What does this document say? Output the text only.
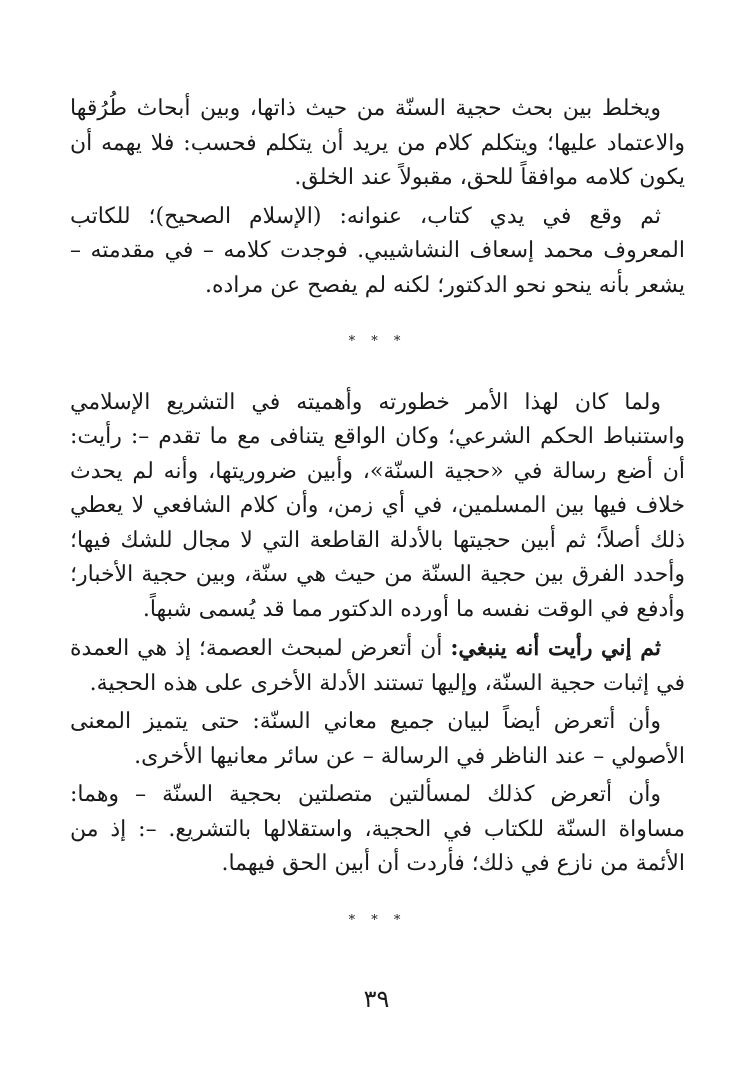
ويخلط بين بحث حجية السنّة من حيث ذاتها، وبين أبحاث طُرُقها والاعتماد عليها؛ ويتكلم كلام من يريد أن يتكلم فحسب: فلا يهمه أن يكون كلامه موافقاً للحق، مقبولاً عند الخلق.

ثم وقع في يدي كتاب، عنوانه: (الإسلام الصحيح)؛ للكاتب المعروف محمد إسعاف النشاشيبي. فوجدت كلامه – في مقدمته – يشعر بأنه ينحو نحو الدكتور؛ لكنه لم يفصح عن مراده.

* * *

ولما كان لهذا الأمر خطورته وأهميته في التشريع الإسلامي واستنباط الحكم الشرعي؛ وكان الواقع يتنافى مع ما تقدم –: رأيت: أن أضع رسالة في «حجية السنّة»، وأبين ضروريتها، وأنه لم يحدث خلاف فيها بين المسلمين، في أي زمن، وأن كلام الشافعي لا يعطي ذلك أصلاً؛ ثم أبين حجيتها بالأدلة القاطعة التي لا مجال للشك فيها؛ وأحدد الفرق بين حجية السنّة من حيث هي سنّة، وبين حجية الأخبار؛ وأدفع في الوقت نفسه ما أورده الدكتور مما قد يُسمى شبهاً.

ثم إني رأيت أنه ينبغي: أن أتعرض لمبحث العصمة؛ إذ هي العمدة في إثبات حجية السنّة، وإليها تستند الأدلة الأخرى على هذه الحجية.

وأن أتعرض أيضاً لبيان جميع معاني السنّة: حتى يتميز المعنى الأصولي – عند الناظر في الرسالة – عن سائر معانيها الأخرى.

وأن أتعرض كذلك لمسألتين متصلتين بحجية السنّة – وهما: مساواة السنّة للكتاب في الحجية، واستقلالها بالتشريع. –: إذ من الأئمة من نازع في ذلك؛ فأردت أن أبين الحق فيهما.

* * *
٣٩
